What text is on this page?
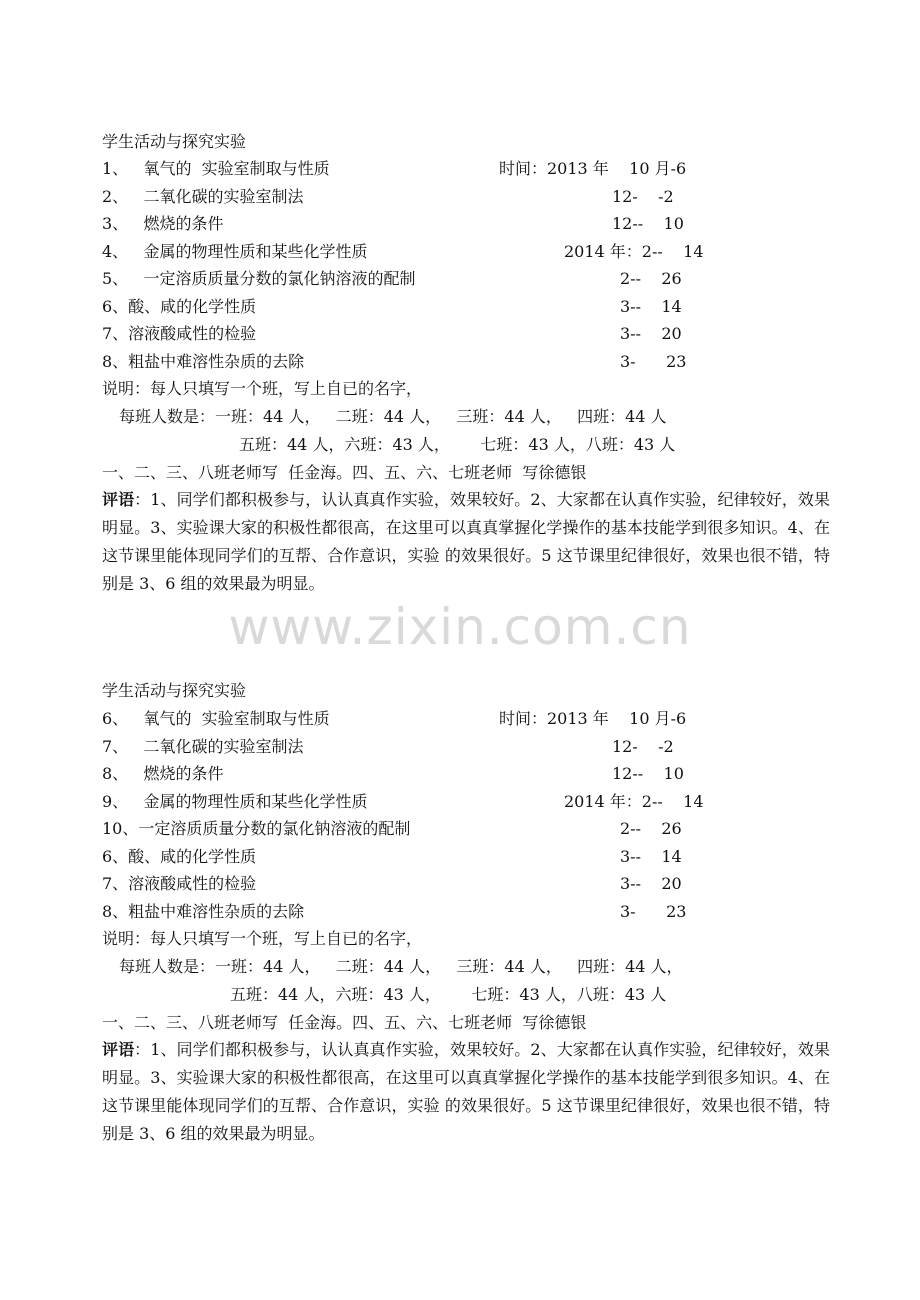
学生活动与探究实验
1、   氧气的  实验室制取与性质	时间：2013 年    10 月-6
2、   二氧化碳的实验室制法	12-    -2
3、   燃烧的条件	12--    10
4、   金属的物理性质和某些化学性质	2014 年：2--    14
5、   一定溶质质量分数的氯化钠溶液的配制	2--    26
6、酸、咸的化学性质	3--    14
7、溶液酸咸性的检验	3--    20
8、粗盐中难溶性杂质的去除	3-      23
说明：每人只填写一个班，写上自已的名字，
每班人数是：一班：44 人，   二班：44 人，   三班：44 人，   四班：44 人
五班：44 人，六班：43 人，      七班：43 人，八班：43 人
一、二、三、八班老师写  任金海。四、五、六、七班老师  写徐德银
评语：1、同学们都积极参与，认认真真作实验，效果较好。2、大家都在认真作实验，纪律较好，效果明显。3、实验课大家的积极性都很高，在这里可以真真掌握化学操作的基本技能学到很多知识。4、在这节课里能体现同学们的互帮、合作意识，实验 的效果很好。5 这节课里纪律很好，效果也很不错，特别是 3、6 组的效果最为明显。
www.zixin.com.cn
学生活动与探究实验
6、   氧气的  实验室制取与性质	时间：2013 年    10 月-6
7、   二氧化碳的实验室制法	12-    -2
8、   燃烧的条件	12--    10
9、   金属的物理性质和某些化学性质	2014 年：2--    14
10、一定溶质质量分数的氯化钠溶液的配制	2--    26
6、酸、咸的化学性质	3--    14
7、溶液酸咸性的检验	3--    20
8、粗盐中难溶性杂质的去除	3-      23
说明：每人只填写一个班，写上自已的名字，
每班人数是：一班：44 人，   二班：44 人，   三班：44 人，   四班：44 人，
五班：44 人，六班：43 人，      七班：43 人，八班：43 人
一、二、三、八班老师写  任金海。四、五、六、七班老师  写徐德银
评语：1、同学们都积极参与，认认真真作实验，效果较好。2、大家都在认真作实验，纪律较好，效果明显。3、实验课大家的积极性都很高，在这里可以真真掌握化学操作的基本技能学到很多知识。4、在这节课里能体现同学们的互帮、合作意识，实验 的效果很好。5 这节课里纪律很好，效果也很不错，特别是 3、6 组的效果最为明显。
